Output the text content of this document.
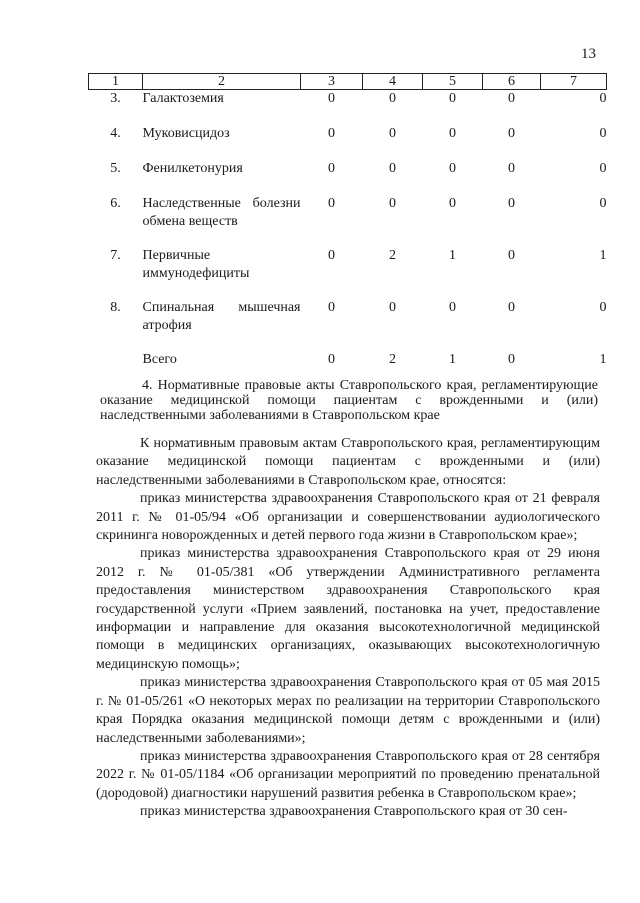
13
1	2	3	4	5	6	7
3.	Галактоземия	0	0	0	0	0
4.	Муковисцидоз	0	0	0	0	0
5.	Фенилкетонурия	0	0	0	0	0
6.	Наследственные болезни обмена веществ	0	0	0	0	0
7.	Первичные иммунодефициты	0	2	1	0	1
8.	Спинальная мышечная атрофия	0	0	0	0	0
	Всего	0	2	1	0	1
4. Нормативные правовые акты Ставропольского края, регламентирующие оказание медицинской помощи пациентам с врожденными и (или) наследственными заболеваниями в Ставропольском крае

К нормативным правовым актам Ставропольского края, регламентирующим оказание медицинской помощи пациентам с врожденными и (или) наследственными заболеваниями в Ставропольском крае, относятся:

приказ министерства здравоохранения Ставропольского края от 21 февраля 2011 г. № 01-05/94 «Об организации и совершенствовании аудиологического скрининга новорожденных и детей первого года жизни в Ставропольском крае»;

приказ министерства здравоохранения Ставропольского края от 29 июня 2012 г. № 01-05/381 «Об утверждении Административного регламента предоставления министерством здравоохранения Ставропольского края государственной услуги «Прием заявлений, постановка на учет, предоставление информации и направление для оказания высокотехнологичной медицинской помощи в медицинских организациях, оказывающих высокотехнологичную медицинскую помощь»;

приказ министерства здравоохранения Ставропольского края от 05 мая 2015 г. № 01-05/261 «О некоторых мерах по реализации на территории Ставропольского края Порядка оказания медицинской помощи детям с врожденными и (или) наследственными заболеваниями»;

приказ министерства здравоохранения Ставропольского края от 28 сентября 2022 г. № 01-05/1184 «Об организации мероприятий по проведению пренатальной (дородовой) диагностики нарушений развития ребенка в Ставропольском крае»;

приказ министерства здравоохранения Ставропольского края от 30 сен-
